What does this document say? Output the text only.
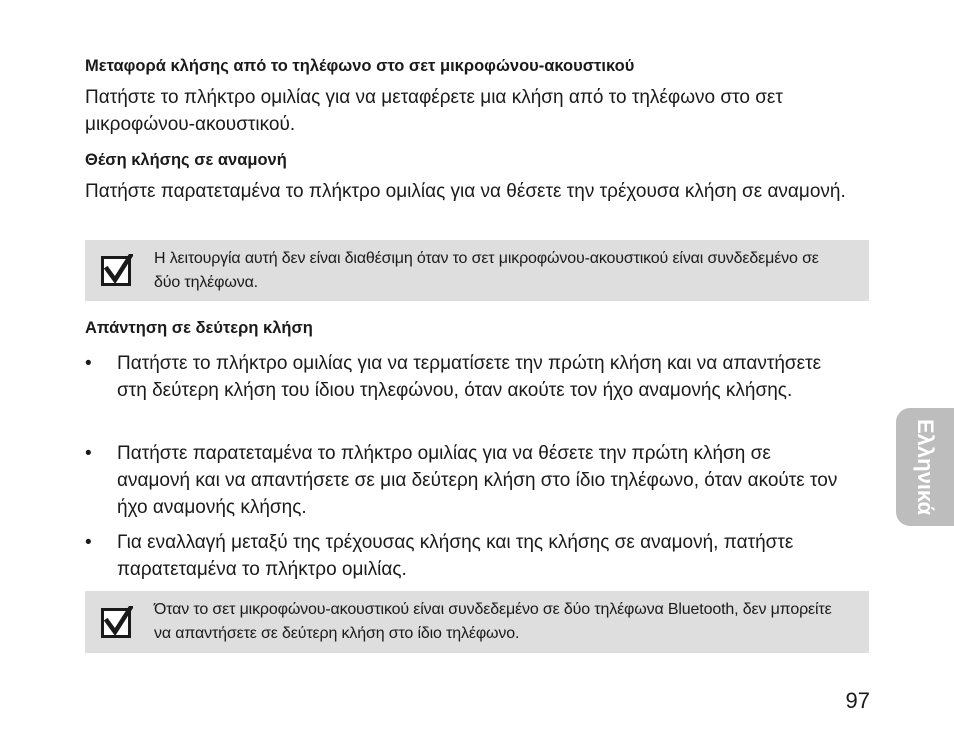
Μεταφορά κλήσης από το τηλέφωνο στο σετ μικροφώνου-ακουστικού

Πατήστε το πλήκτρο ομιλίας για να μεταφέρετε μια κλήση από το τηλέφωνο στο σετ μικροφώνου-ακουστικού.

Θέση κλήσης σε αναμονή

Πατήστε παρατεταμένα το πλήκτρο ομιλίας για να θέσετε την τρέχουσα κλήση σε αναμονή.

Η λειτουργία αυτή δεν είναι διαθέσιμη όταν το σετ μικροφώνου-ακουστικού είναι συνδεδεμένο σε δύο τηλέφωνα.
Απάντηση σε δεύτερη κλήση
• Πατήστε το πλήκτρο ομιλίας για να τερματίσετε την πρώτη κλήση και να απαντήσετε στη δεύτερη κλήση του ίδιου τηλεφώνου, όταν ακούτε τον ήχο αναμονής κλήσης.
• Πατήστε παρατεταμένα το πλήκτρο ομιλίας για να θέσετε την πρώτη κλήση σε αναμονή και να απαντήσετε σε μια δεύτερη κλήση στο ίδιο τηλέφωνο, όταν ακούτε τον ήχο αναμονής κλήσης.
• Για εναλλαγή μεταξύ της τρέχουσας κλήσης και της κλήσης σε αναμονή, πατήστε παρατεταμένα το πλήκτρο ομιλίας.
Όταν το σετ μικροφώνου-ακουστικού είναι συνδεδεμένο σε δύο τηλέφωνα Bluetooth, δεν μπορείτε να απαντήσετε σε δεύτερη κλήση στο ίδιο τηλέφωνο.
Ελληνικά
97
